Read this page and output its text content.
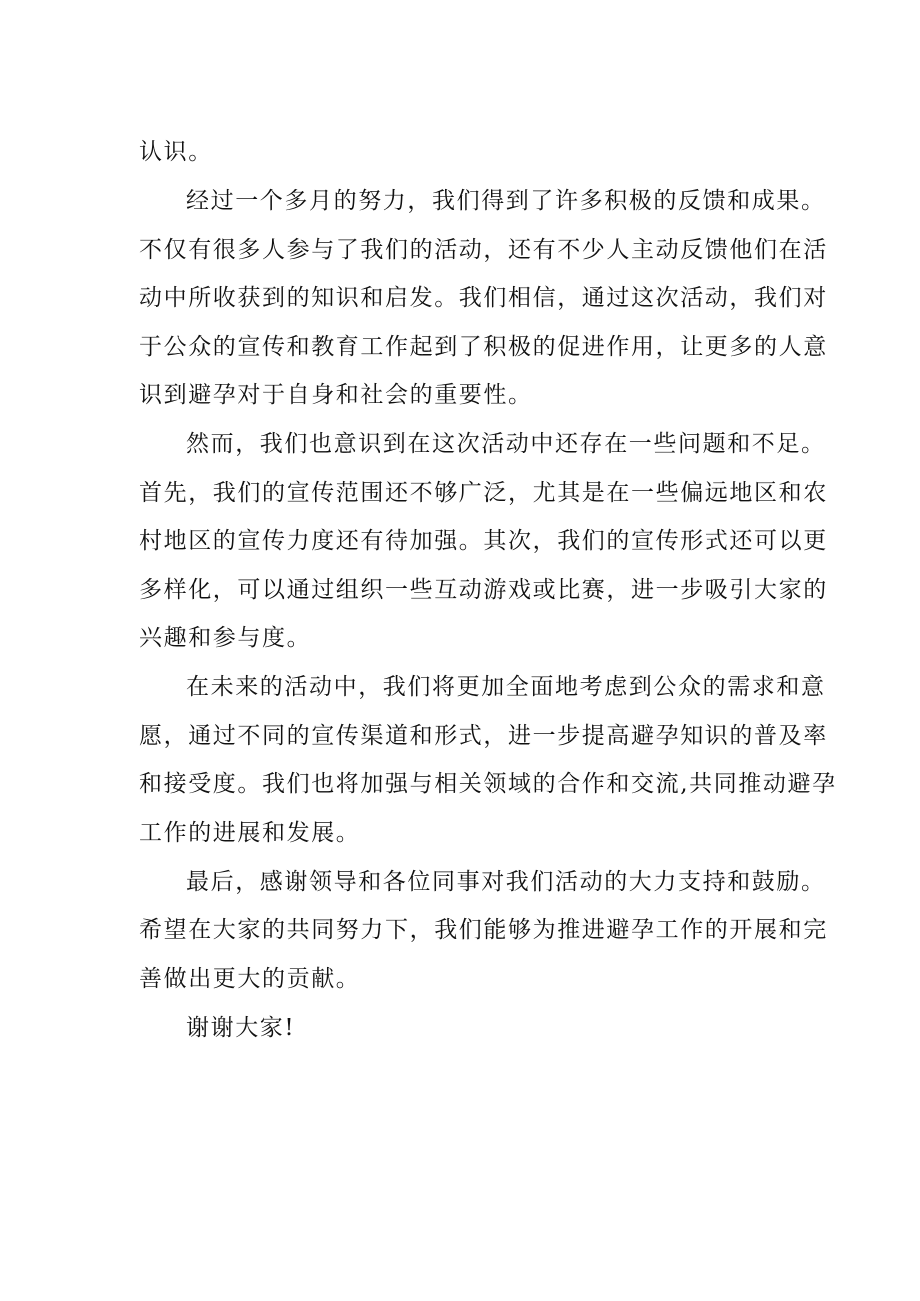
认识。
经过一个多月的努力，我们得到了许多积极的反馈和成果。
不仅有很多人参与了我们的活动，还有不少人主动反馈他们在活
动中所收获到的知识和启发。我们相信，通过这次活动，我们对
于公众的宣传和教育工作起到了积极的促进作用，让更多的人意
识到避孕对于自身和社会的重要性。
然而，我们也意识到在这次活动中还存在一些问题和不足。
首先，我们的宣传范围还不够广泛，尤其是在一些偏远地区和农
村地区的宣传力度还有待加强。其次，我们的宣传形式还可以更
多样化，可以通过组织一些互动游戏或比赛，进一步吸引大家的
兴趣和参与度。
在未来的活动中，我们将更加全面地考虑到公众的需求和意
愿，通过不同的宣传渠道和形式，进一步提高避孕知识的普及率
和接受度。我们也将加强与相关领域的合作和交流,共同推动避孕
工作的进展和发展。
最后，感谢领导和各位同事对我们活动的大力支持和鼓励。
希望在大家的共同努力下，我们能够为推进避孕工作的开展和完
善做出更大的贡献。
谢谢大家!
